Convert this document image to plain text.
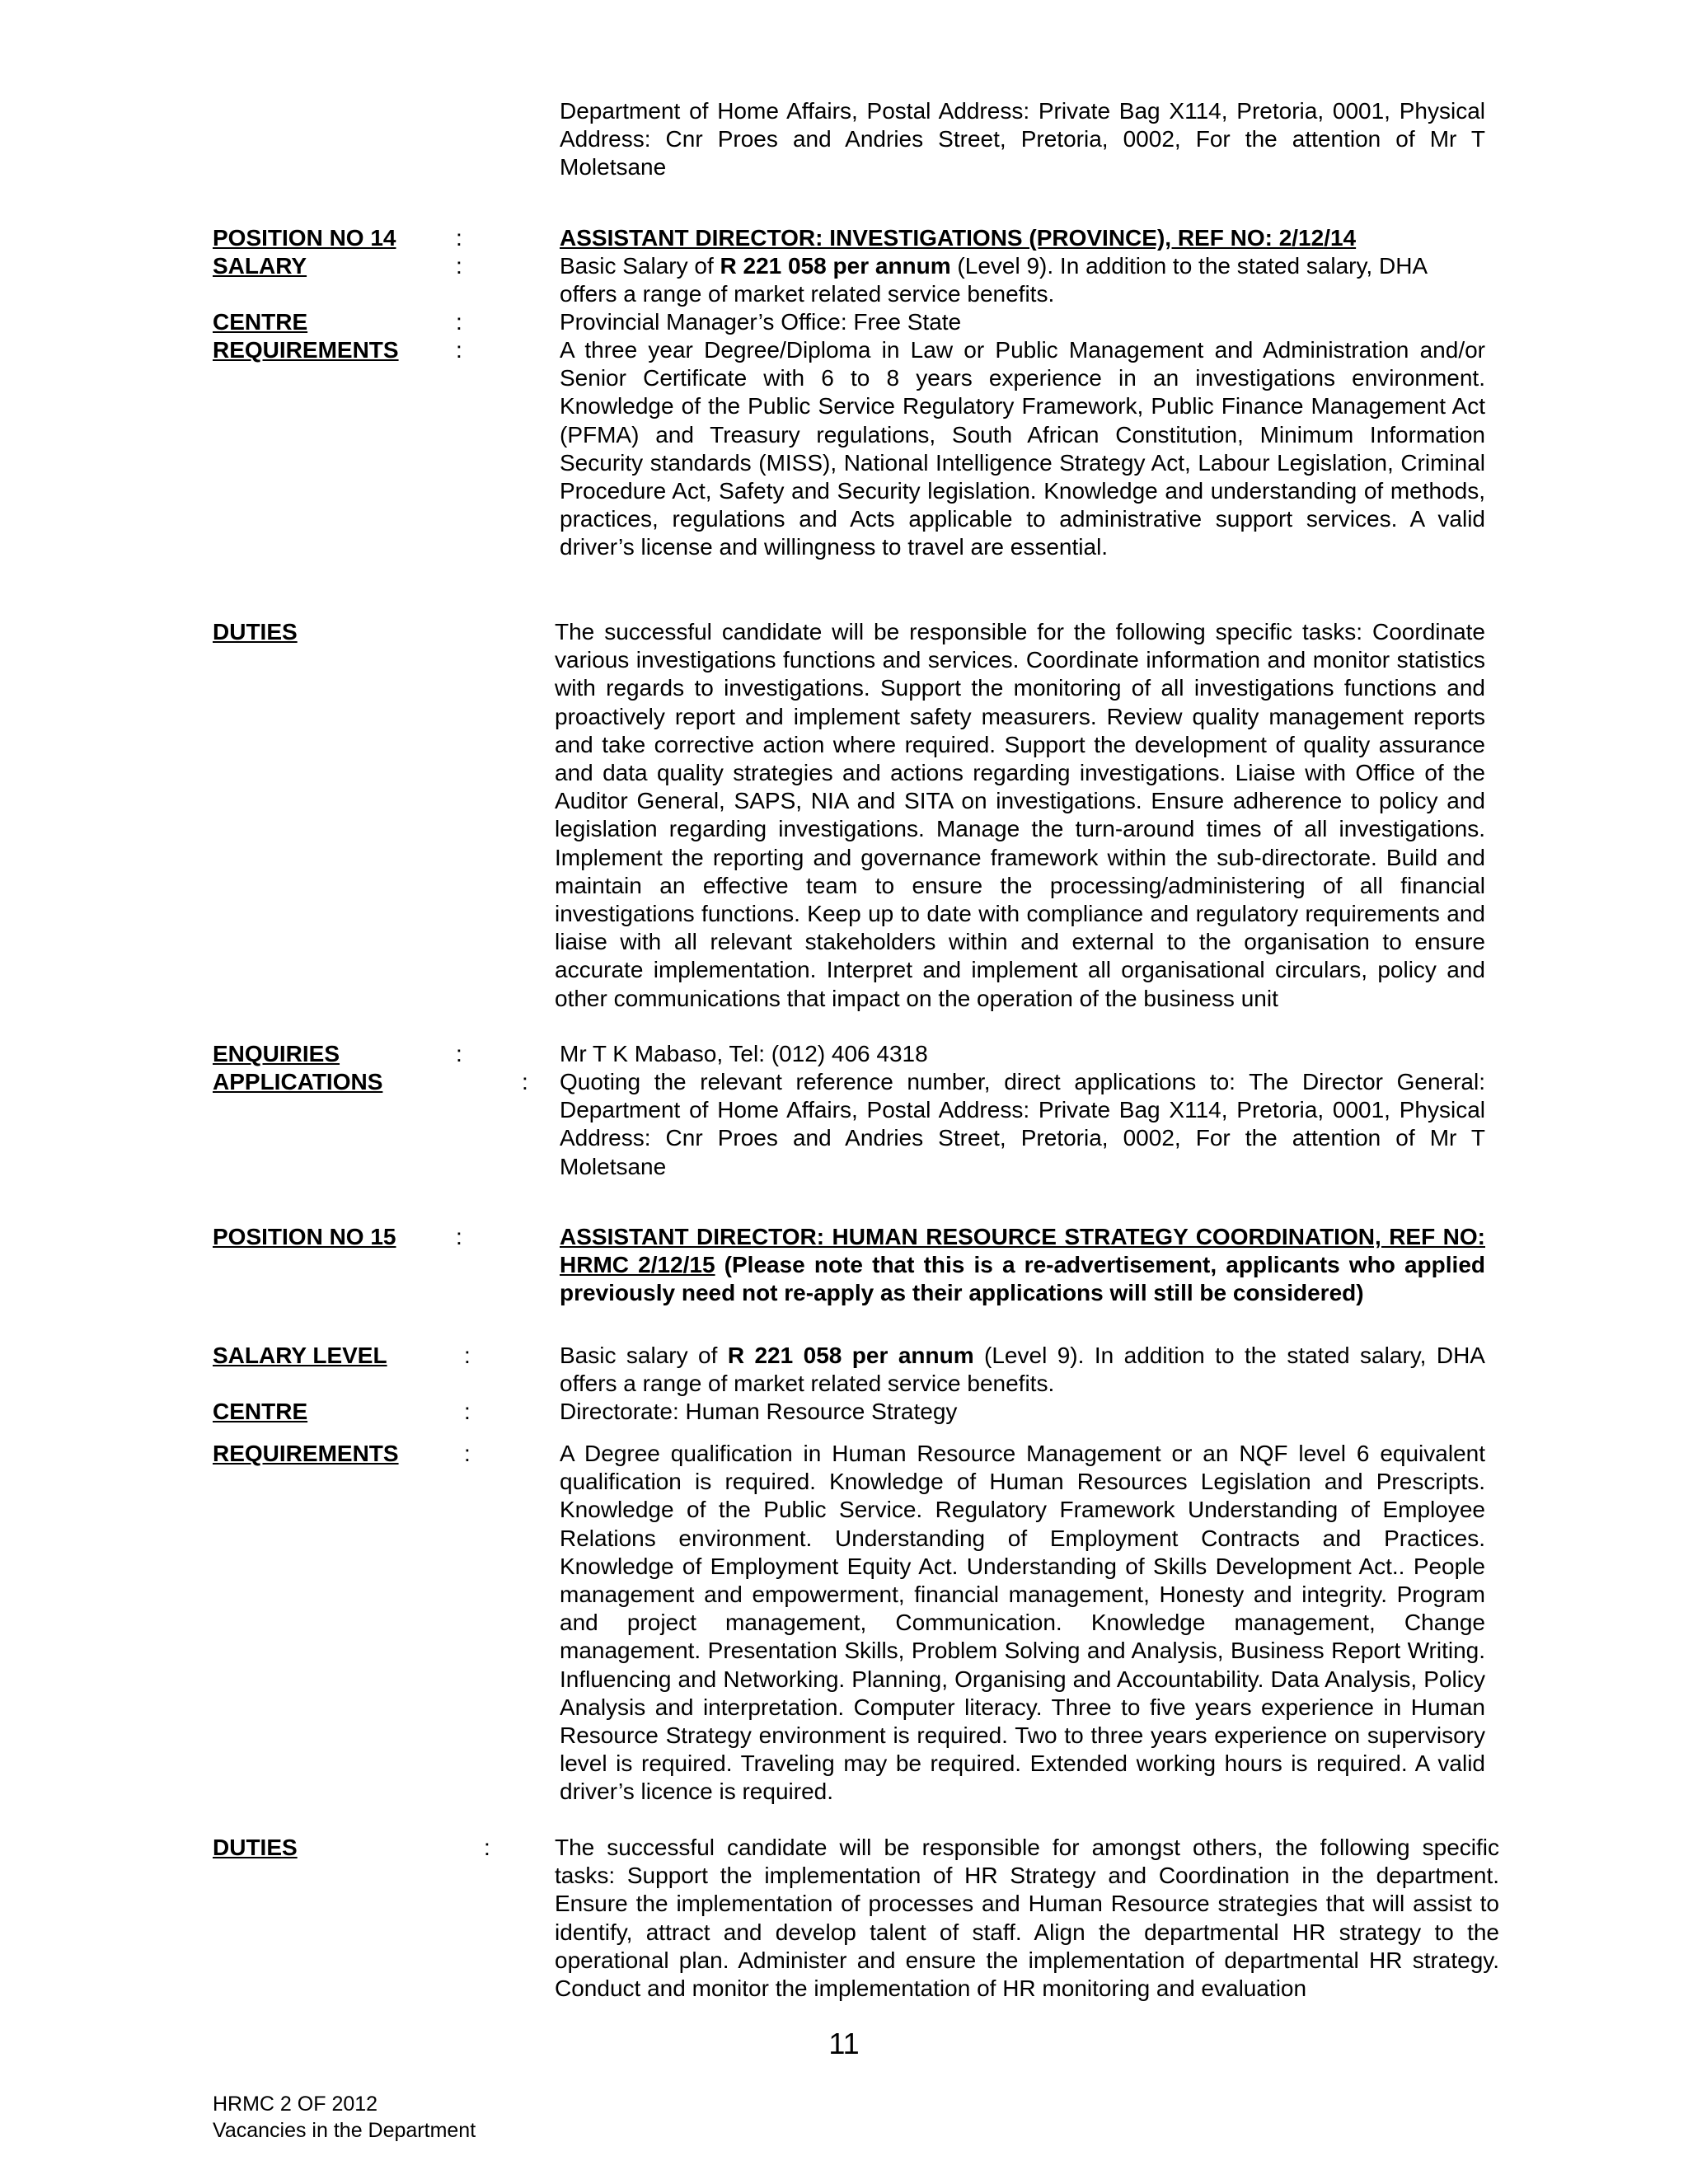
Department of Home Affairs, Postal Address: Private Bag X114, Pretoria, 0001, Physical Address: Cnr Proes and Andries Street, Pretoria, 0002, For the attention of Mr T Moletsane
POSITION NO 14	:	ASSISTANT DIRECTOR: INVESTIGATIONS (PROVINCE), REF NO: 2/12/14
SALARY	:	Basic Salary of R 221 058 per annum (Level 9). In addition to the stated salary, DHA offers a range of market related service benefits.
CENTRE	:	Provincial Manager’s Office: Free State
REQUIREMENTS :	A three year Degree/Diploma in Law or Public Management and Administration and/or Senior Certificate with 6 to 8 years experience in an investigations environment. Knowledge of the Public Service Regulatory Framework, Public Finance Management Act (PFMA) and Treasury regulations, South African Constitution, Minimum Information Security standards (MISS), National Intelligence Strategy Act, Labour Legislation, Criminal Procedure Act, Safety and Security legislation. Knowledge and understanding of methods, practices, regulations and Acts applicable to administrative support services. A valid driver’s license and willingness to travel are essential.
DUTIES	The successful candidate will be responsible for the following specific tasks: Coordinate various investigations functions and services. Coordinate information and monitor statistics with regards to investigations. Support the monitoring of all investigations functions and proactively report and implement safety measurers. Review quality management reports and take corrective action where required. Support the development of quality assurance and data quality strategies and actions regarding investigations. Liaise with Office of the Auditor General, SAPS, NIA and SITA on investigations. Ensure adherence to policy and legislation regarding investigations. Manage the turn-around times of all investigations. Implement the reporting and governance framework within the sub-directorate. Build and maintain an effective team to ensure the processing/administering of all financial investigations functions. Keep up to date with compliance and regulatory requirements and liaise with all relevant stakeholders within and external to the organisation to ensure accurate implementation. Interpret and implement all organisational circulars, policy and other communications that impact on the operation of the business unit
ENQUIRIES	:	Mr T K Mabaso, Tel: (012) 406 4318
APPLICATIONS	: Quoting the relevant reference number, direct applications to: The Director General: Department of Home Affairs, Postal Address: Private Bag X114, Pretoria, 0001, Physical Address: Cnr Proes and Andries Street, Pretoria, 0002, For the attention of Mr T Moletsane
POSITION NO 15	:	ASSISTANT DIRECTOR: HUMAN RESOURCE STRATEGY COORDINATION, REF NO: HRMC 2/12/15 (Please note that this is a re-advertisement, applicants who applied previously need not re-apply as their applications will still be considered)
SALARY LEVEL	:	Basic salary of R 221 058 per annum (Level 9). In addition to the stated salary, DHA offers a range of market related service benefits.
CENTRE	:	Directorate: Human Resource Strategy
REQUIREMENTS	:	A Degree qualification in Human Resource Management or an NQF level 6 equivalent qualification is required. Knowledge of Human Resources Legislation and Prescripts. Knowledge of the Public Service. Regulatory Framework Understanding of Employee Relations environment. Understanding of Employment Contracts and Practices. Knowledge of Employment Equity Act. Understanding of Skills Development Act.. People management and empowerment, financial management, Honesty and integrity. Program and project management, Communication. Knowledge management, Change management. Presentation Skills, Problem Solving and Analysis, Business Report Writing. Influencing and Networking. Planning, Organising and Accountability. Data Analysis, Policy Analysis and interpretation. Computer literacy. Three to five years experience in Human Resource Strategy environment is required. Two to three years experience on supervisory level is required. Traveling may be required. Extended working hours is required. A valid driver’s licence is required.
DUTIES	:	The successful candidate will be responsible for amongst others, the following specific tasks: Support the implementation of HR Strategy and Coordination in the department. Ensure the implementation of processes and Human Resource strategies that will assist to identify, attract and develop talent of staff. Align the departmental HR strategy to the operational plan. Administer and ensure the implementation of departmental HR strategy. Conduct and monitor the implementation of HR monitoring and evaluation
11
HRMC 2 OF 2012
Vacancies in the Department
